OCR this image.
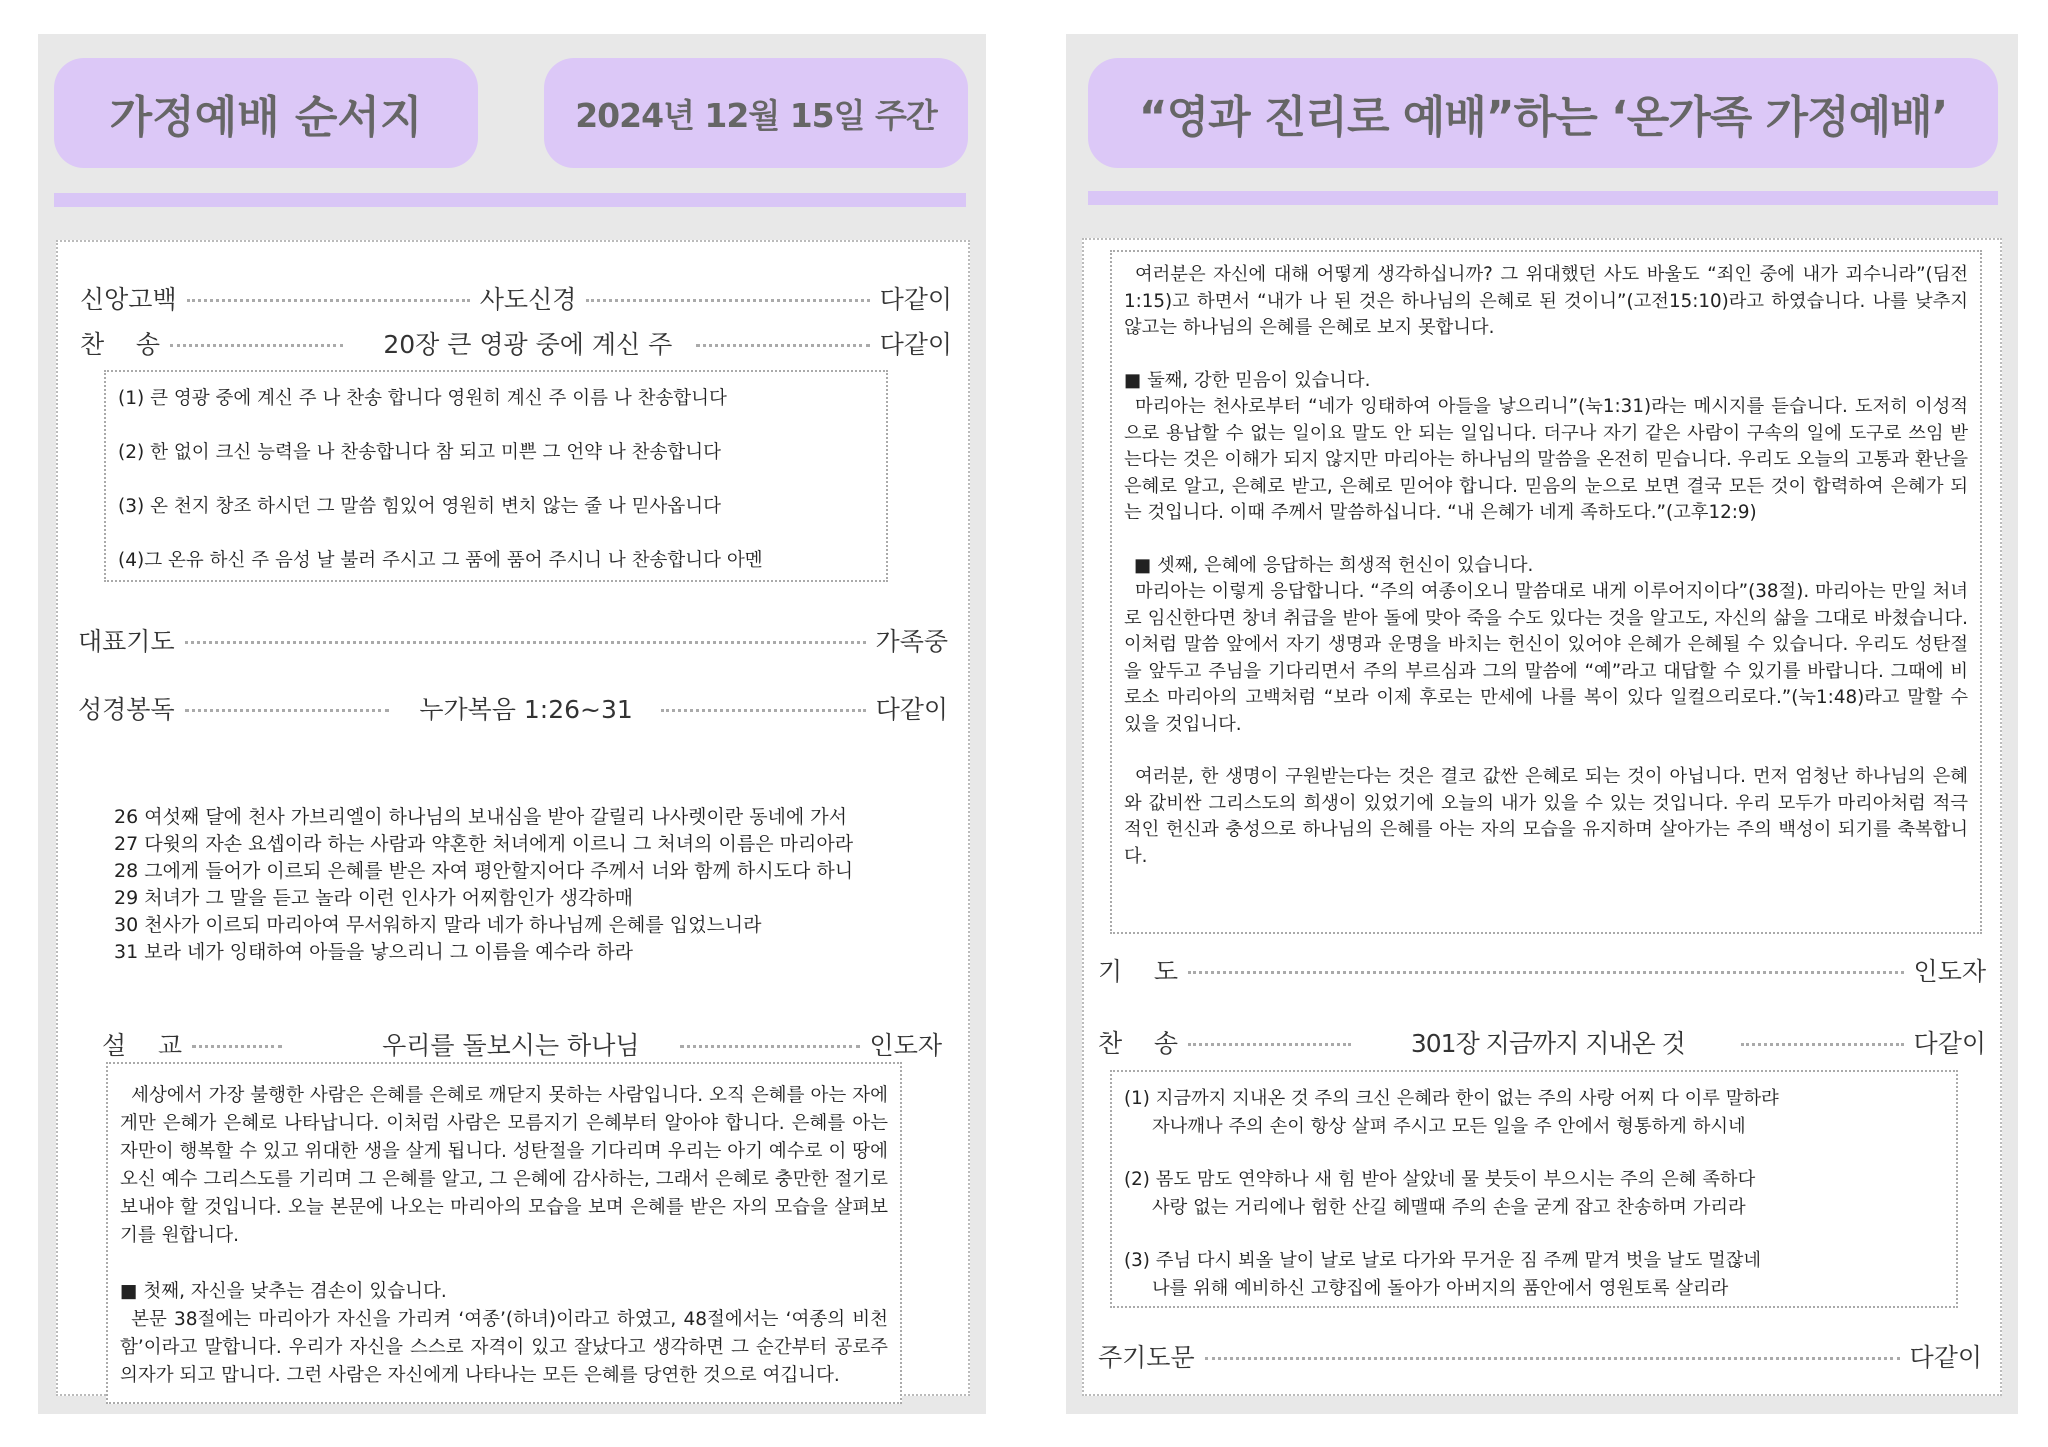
가정예배 순서지	2024년 12월 15일 주간
신앙고백	사도신경	다같이
찬    송	20장 큰 영광 중에 계신 주	다같이

(1) 큰 영광 중에 계신 주 나 찬송 합니다 영원히 계신 주 이름 나 찬송합니다

(2) 한 없이 크신 능력을 나 찬송합니다 참 되고 미쁜 그 언약 나 찬송합니다

(3) 온 천지 창조 하시던 그 말씀 힘있어 영원히 변치 않는 줄 나 믿사옵니다

(4)그 온유 하신 주 음성 날 불러 주시고 그 품에 품어 주시니 나 찬송합니다 아멘

대표기도	가족중
성경봉독	누가복음 1:26~31	다같이
26 여섯째 달에 천사 가브리엘이 하나님의 보내심을 받아 갈릴리 나사렛이란 동네에 가서
27 다윗의 자손 요셉이라 하는 사람과 약혼한 처녀에게 이르니 그 처녀의 이름은 마리아라
28 그에게 들어가 이르되 은혜를 받은 자여 평안할지어다 주께서 너와 함께 하시도다 하니
29 처녀가 그 말을 듣고 놀라 이런 인사가 어찌함인가 생각하매
30 천사가 이르되 마리아여 무서워하지 말라 네가 하나님께 은혜를 입었느니라
31 보라 네가 잉태하여 아들을 낳으리니 그 이름을 예수라 하라
설    교	우리를 돌보시는 하나님	인도자

세상에서 가장 불행한 사람은 은혜를 은혜로 깨닫지 못하는 사람입니다. 오직 은혜를 아는 자에게만 은혜가 은혜로 나타납니다. 이처럼 사람은 모름지기 은혜부터 알아야 합니다. 은혜를 아는 자만이 행복할 수 있고 위대한 생을 살게 됩니다. 성탄절을 기다리며 우리는 아기 예수로 이 땅에 오신 예수 그리스도를 기리며 그 은혜를 알고, 그 은혜에 감사하는, 그래서 은혜로 충만한 절기로 보내야 할 것입니다. 오늘 본문에 나오는 마리아의 모습을 보며 은혜를 받은 자의 모습을 살펴보기를 원합니다.

■ 첫째, 자신을 낮추는 겸손이 있습니다.

본문 38절에는 마리아가 자신을 가리켜 ‘여종’(하녀)이라고 하였고, 48절에서는 ‘여종의 비천함’이라고 말합니다. 우리가 자신을 스스로 자격이 있고 잘났다고 생각하면 그 순간부터 공로주의자가 되고 맙니다. 그런 사람은 자신에게 나타나는 모든 은혜를 당연한 것으로 여깁니다.

“영과 진리로 예배”하는 ‘온가족 가정예배’

여러분은 자신에 대해 어떻게 생각하십니까? 그 위대했던 사도 바울도 “죄인 중에 내가 괴수니라”(딤전1:15)고 하면서 “내가 나 된 것은 하나님의 은혜로 된 것이니”(고전15:10)라고 하였습니다. 나를 낮추지 않고는 하나님의 은혜를 은혜로 보지 못합니다.

■ 둘째, 강한 믿음이 있습니다.

마리아는 천사로부터 “네가 잉태하여 아들을 낳으리니”(눅1:31)라는 메시지를 듣습니다. 도저히 이성적으로 용납할 수 없는 일이요 말도 안 되는 일입니다. 더구나 자기 같은 사람이 구속의 일에 도구로 쓰임 받는다는 것은 이해가 되지 않지만 마리아는 하나님의 말씀을 온전히 믿습니다. 우리도 오늘의 고통과 환난을 은혜로 알고, 은혜로 받고, 은혜로 믿어야 합니다. 믿음의 눈으로 보면 결국 모든 것이 합력하여 은혜가 되는 것입니다. 이때 주께서 말씀하십니다. “내 은혜가 네게 족하도다.”(고후12:9)

■ 셋째, 은혜에 응답하는 희생적 헌신이 있습니다.

마리아는 이렇게 응답합니다. “주의 여종이오니 말씀대로 내게 이루어지이다”(38절). 마리아는 만일 처녀로 임신한다면 창녀 취급을 받아 돌에 맞아 죽을 수도 있다는 것을 알고도, 자신의 삶을 그대로 바쳤습니다. 이처럼 말씀 앞에서 자기 생명과 운명을 바치는 헌신이 있어야 은혜가 은혜될 수 있습니다. 우리도 성탄절을 앞두고 주님을 기다리면서 주의 부르심과 그의 말씀에 “예”라고 대답할 수 있기를 바랍니다. 그때에 비로소 마리아의 고백처럼 “보라 이제 후로는 만세에 나를 복이 있다 일컬으리로다.”(눅1:48)라고 말할 수 있을 것입니다.

여러분, 한 생명이 구원받는다는 것은 결코 값싼 은혜로 되는 것이 아닙니다. 먼저 엄청난 하나님의 은혜와 값비싼 그리스도의 희생이 있었기에 오늘의 내가 있을 수 있는 것입니다. 우리 모두가 마리아처럼 적극적인 헌신과 충성으로 하나님의 은혜를 아는 자의 모습을 유지하며 살아가는 주의 백성이 되기를 축복합니다.

기    도	인도자
찬    송	301장 지금까지 지내온 것	다같이

(1) 지금까지 지내온 것 주의 크신 은혜라 한이 없는 주의 사랑 어찌 다 이루 말하랴

자나깨나 주의 손이 항상 살펴 주시고 모든 일을 주 안에서 형통하게 하시네

(2) 몸도 맘도 연약하나 새 힘 받아 살았네 물 붓듯이 부으시는 주의 은혜 족하다

사랑 없는 거리에나 험한 산길 헤맬때 주의 손을 굳게 잡고 찬송하며 가리라

(3) 주님 다시 뵈올 날이 날로 날로 다가와 무거운 짐 주께 맡겨 벗을 날도 멀잖네

나를 위해 예비하신 고향집에 돌아가 아버지의 품안에서 영원토록 살리라

주기도문	다같이
